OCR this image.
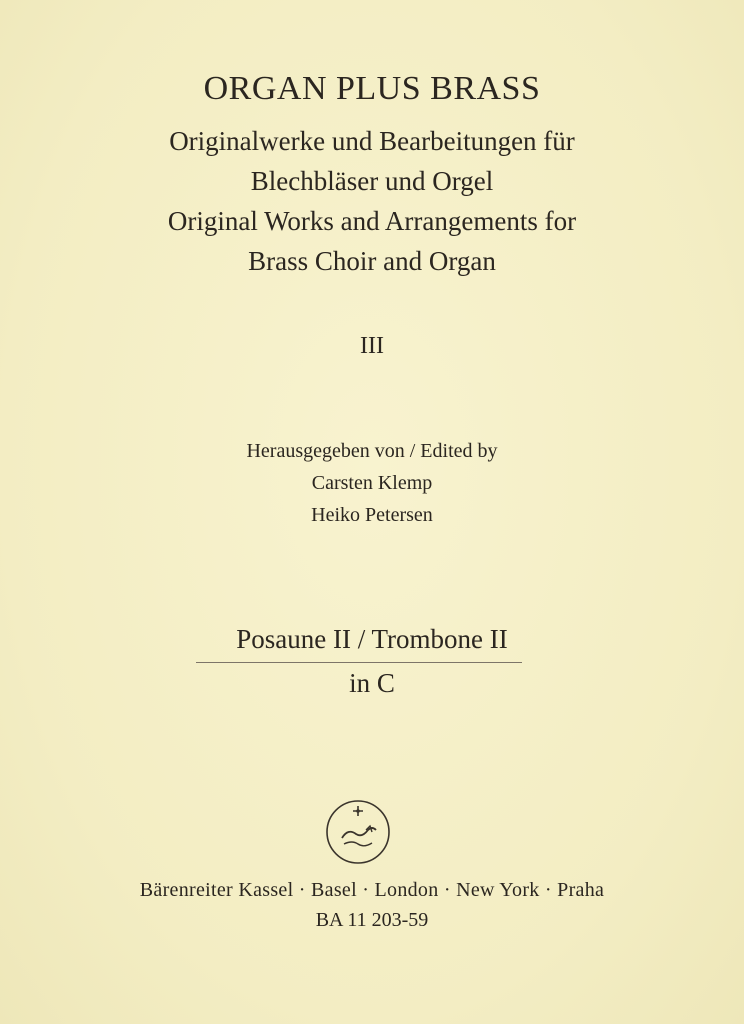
ORGAN PLUS BRASS
Originalwerke und Bearbeitungen für
Blechbläser und Orgel
Original Works and Arrangements for
Brass Choir and Organ
III
Herausgegeben von / Edited by
Carsten Klemp
Heiko Petersen
Posaune II / Trombone II
in C
Bärenreiter Kassel · Basel · London · New York · Praha
BA 11 203-59
